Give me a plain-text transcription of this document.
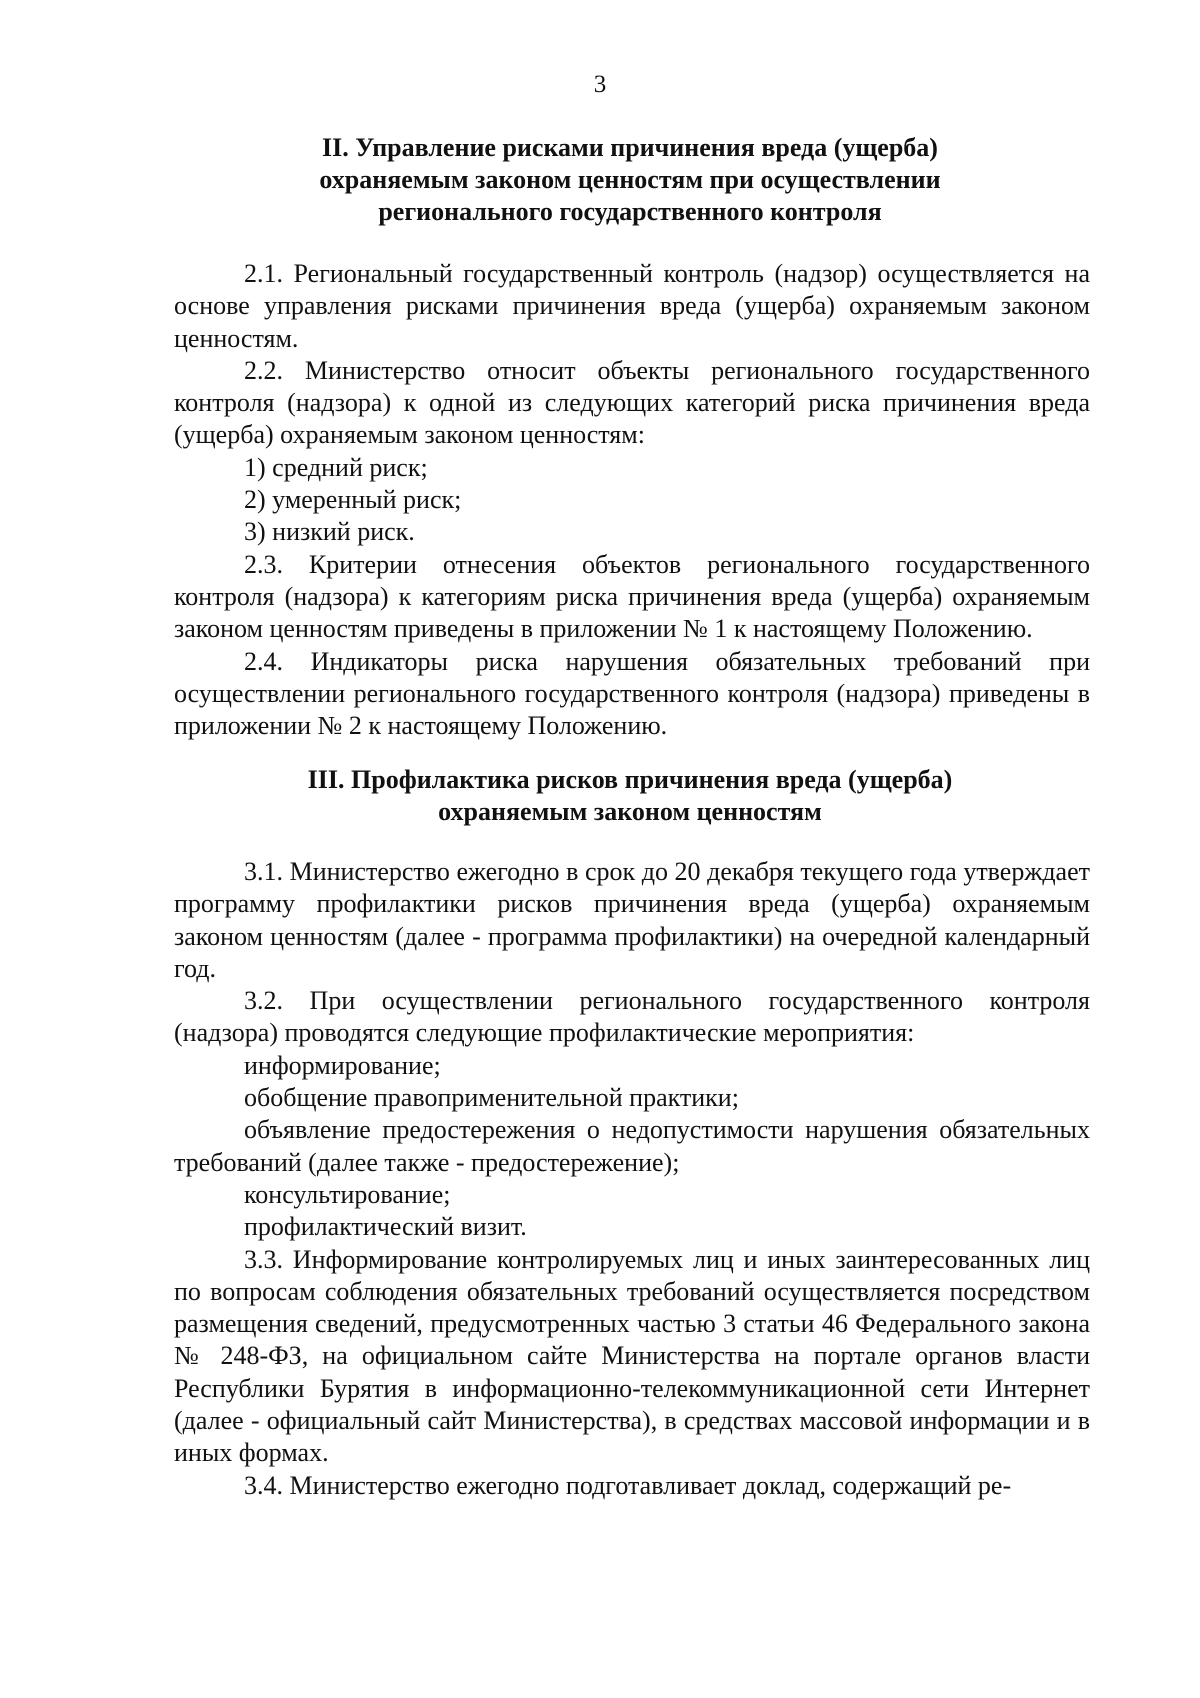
3
II. Управление рисками причинения вреда (ущерба)
охраняемым законом ценностям при осуществлении
регионального государственного контроля

2.1. Региональный государственный контроль (надзор) осуществляется на основе управления рисками причинения вреда (ущерба) охраняемым законом ценностям.

2.2. Министерство относит объекты регионального государственного контроля (надзора) к одной из следующих категорий риска причинения вреда (ущерба) охраняемым законом ценностям:

1) средний риск;

2) умеренный риск;

3) низкий риск.

2.3. Критерии отнесения объектов регионального государственного контроля (надзора) к категориям риска причинения вреда (ущерба) охраняемым законом ценностям приведены в приложении № 1 к настоящему Положению.

2.4. Индикаторы риска нарушения обязательных требований при осуществлении регионального государственного контроля (надзора) приведены в приложении № 2 к настоящему Положению.

III. Профилактика рисков причинения вреда (ущерба)
охраняемым законом ценностям

3.1. Министерство ежегодно в срок до 20 декабря текущего года утверждает программу профилактики рисков причинения вреда (ущерба) охраняемым законом ценностям (далее - программа профилактики) на очередной календарный год.

3.2. При осуществлении регионального государственного контроля (надзора) проводятся следующие профилактические мероприятия:

информирование;

обобщение правоприменительной практики;

объявление предостережения о недопустимости нарушения обязательных требований (далее также - предостережение);

консультирование;

профилактический визит.

3.3. Информирование контролируемых лиц и иных заинтересованных лиц по вопросам соблюдения обязательных требований осуществляется посредством размещения сведений, предусмотренных частью 3 статьи 46 Федерального закона № 248-ФЗ, на официальном сайте Министерства на портале органов власти Республики Бурятия в информационно-телекоммуникационной сети Интернет (далее - официальный сайт Министерства), в средствах массовой информации и в иных формах.

3.4. Министерство ежегодно подготавливает доклад, содержащий ре-
